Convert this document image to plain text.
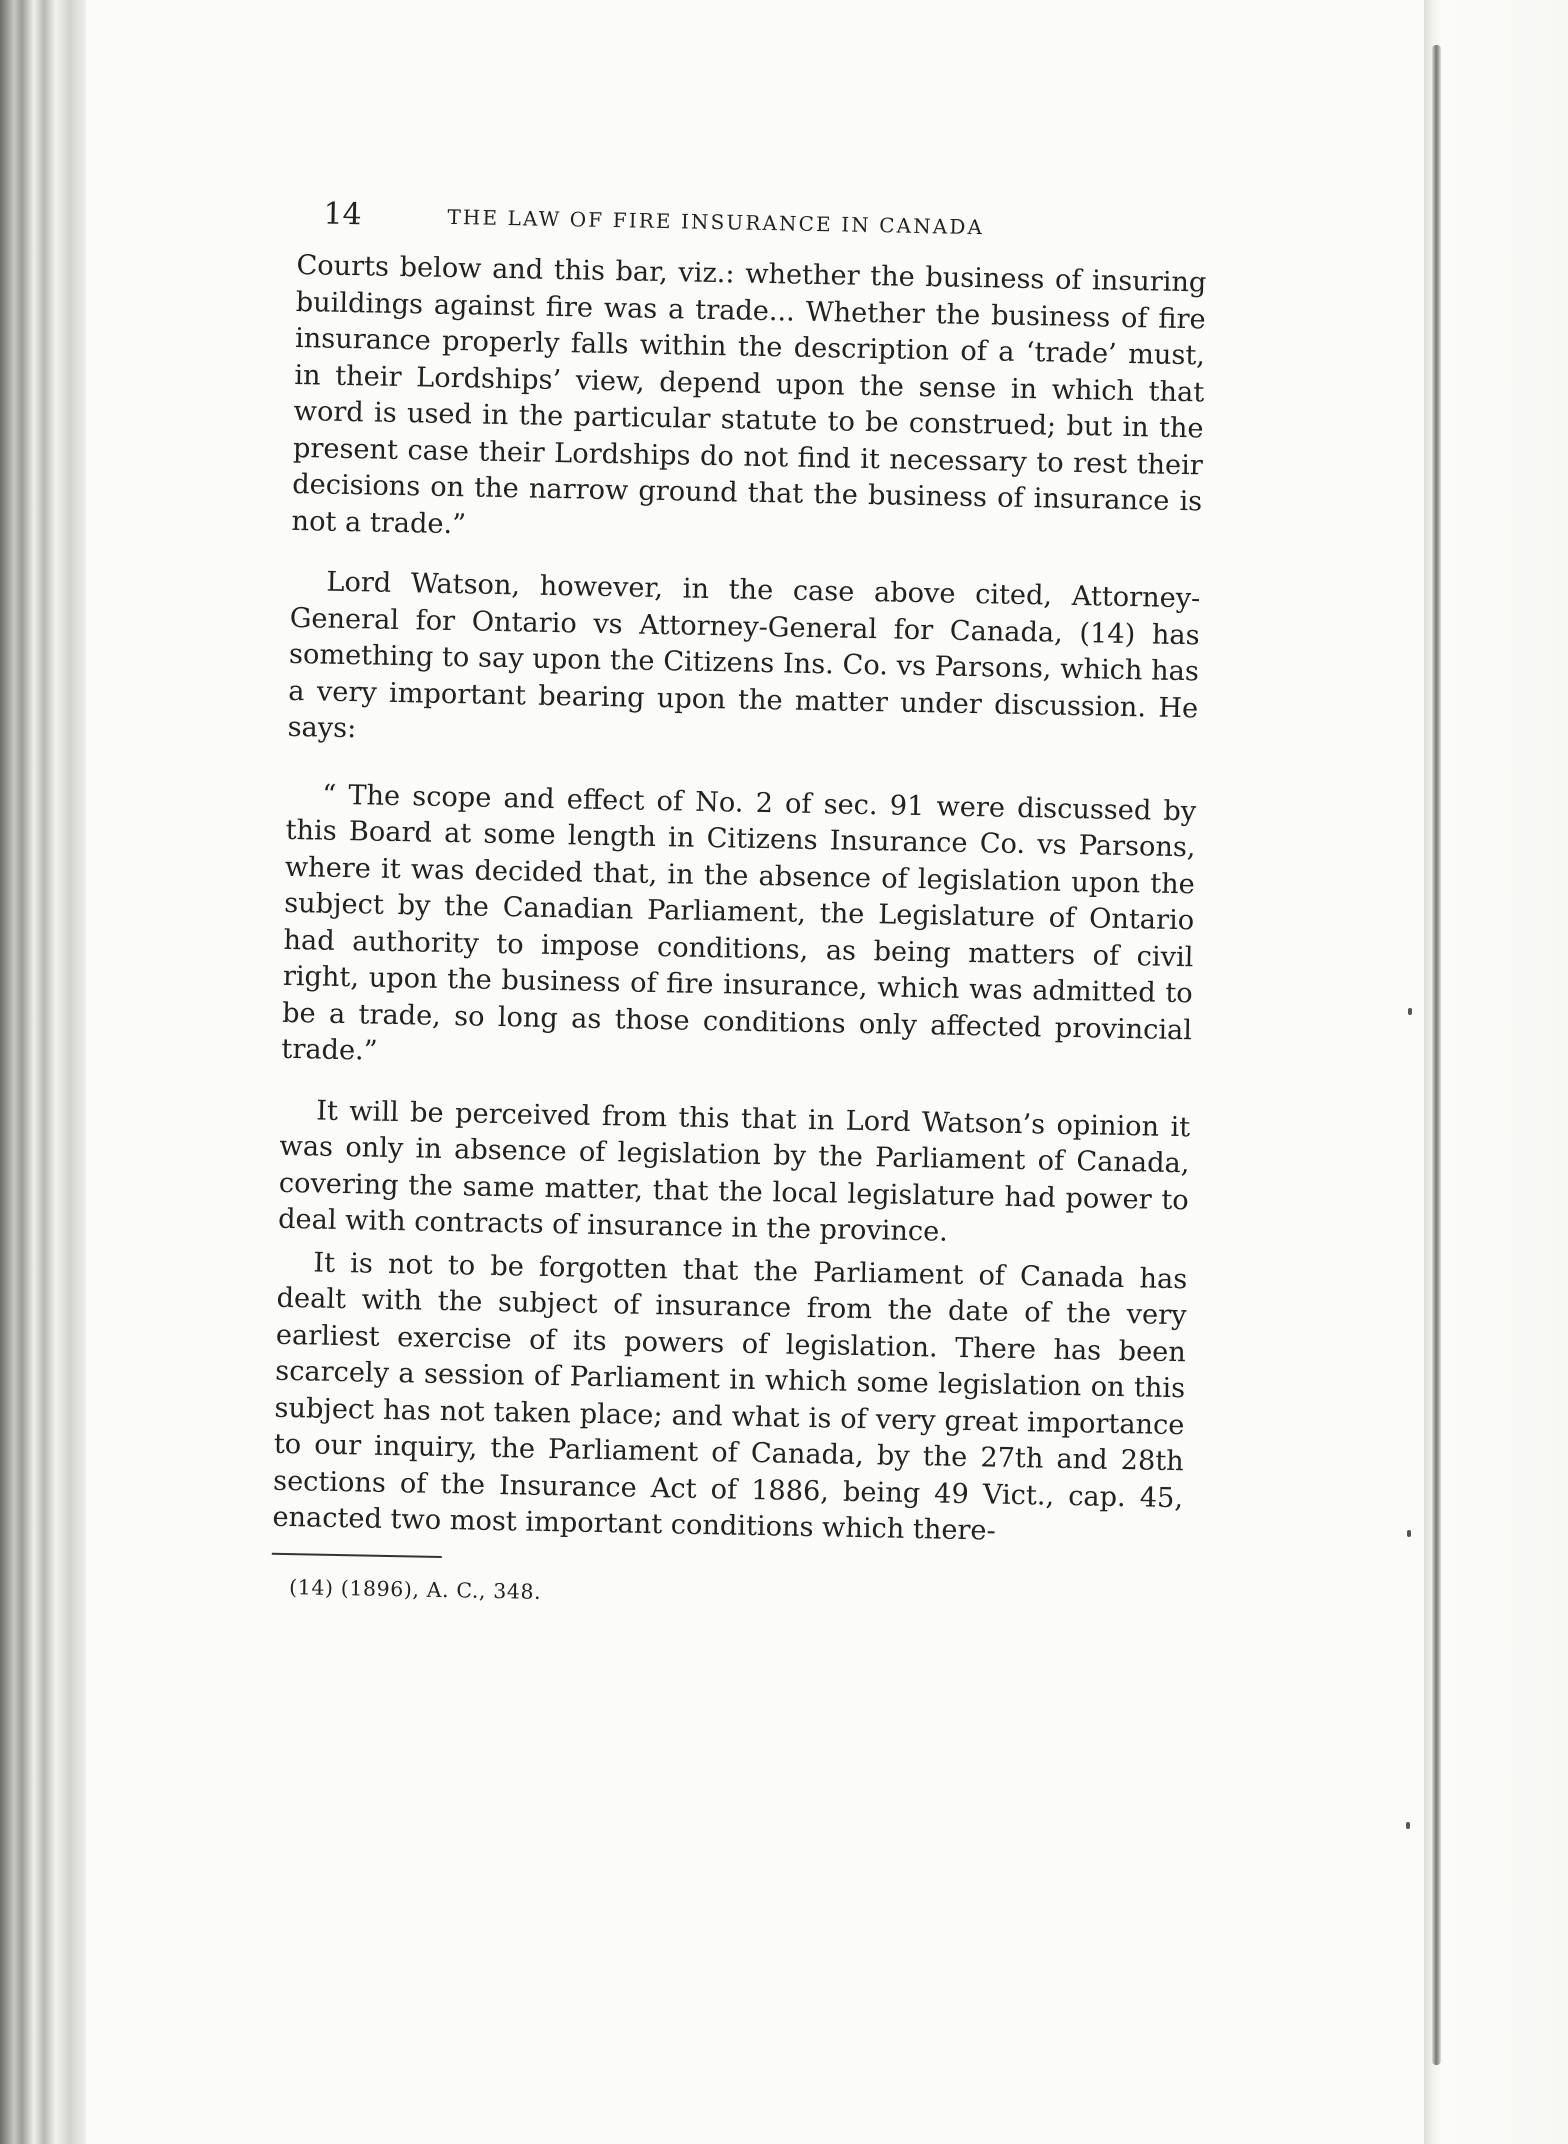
14	THE LAW OF FIRE INSURANCE IN CANADA

Courts below and this bar, viz.: whether the business of insuring buildings against fire was a trade... Whether the business of fire insurance properly falls within the description of a ‘trade’ must, in their Lordships’ view, depend upon the sense in which that word is used in the particular statute to be construed; but in the present case their Lordships do not find it necessary to rest their decisions on the narrow ground that the business of insurance is not a trade.”

Lord Watson, however, in the case above cited, Attorney-General for Ontario vs Attorney-General for Canada, (14) has something to say upon the Citizens Ins. Co. vs Parsons, which has a very important bearing upon the matter under discussion. He says:

“ The scope and effect of No. 2 of sec. 91 were discussed by this Board at some length in Citizens Insurance Co. vs Parsons, where it was decided that, in the absence of legislation upon the subject by the Canadian Parliament, the Legislature of Ontario had authority to impose conditions, as being matters of civil right, upon the business of fire insurance, which was admitted to be a trade, so long as those conditions only affected provincial trade.”

It will be perceived from this that in Lord Watson’s opinion it was only in absence of legislation by the Parliament of Canada, covering the same matter, that the local legislature had power to deal with contracts of insurance in the province.

It is not to be forgotten that the Parliament of Canada has dealt with the subject of insurance from the date of the very earliest exercise of its powers of legislation. There has been scarcely a session of Parliament in which some legislation on this subject has not taken place; and what is of very great importance to our inquiry, the Parliament of Canada, by the 27th and 28th sections of the Insurance Act of 1886, being 49 Vict., cap. 45, enacted two most important conditions which there-

(14) (1896), A. C., 348.
